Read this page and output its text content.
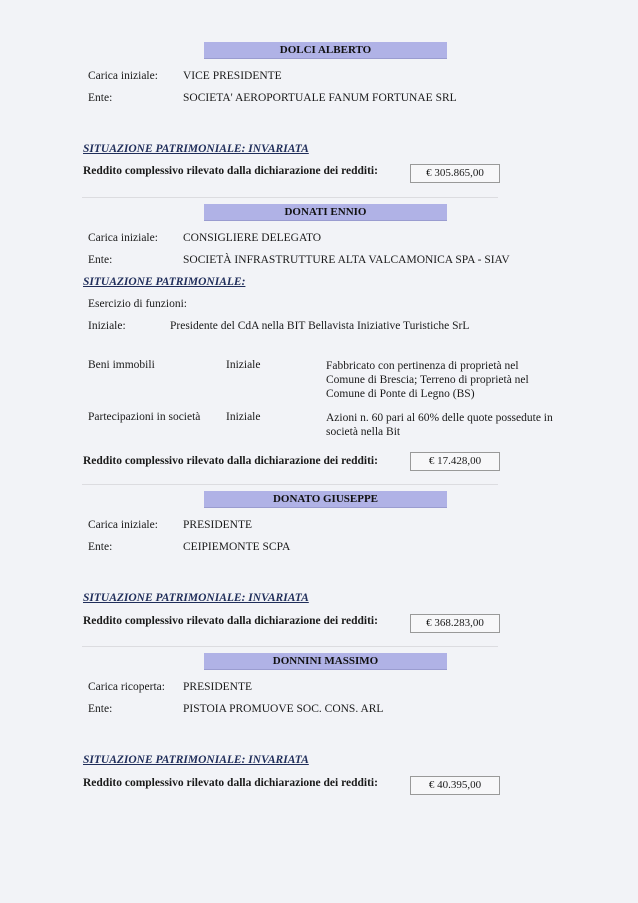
DOLCI ALBERTO
Carica iniziale: VICE PRESIDENTE
Ente:	SOCIETA' AEROPORTUALE FANUM FORTUNAE SRL
SITUAZIONE PATRIMONIALE: INVARIATA
Reddito complessivo rilevato dalla dichiarazione dei redditi:	€ 305.865,00
DONATI ENNIO
Carica iniziale: CONSIGLIERE DELEGATO
Ente:	SOCIETÀ INFRASTRUTTURE ALTA VALCAMONICA SPA - SIAV
SITUAZIONE PATRIMONIALE:
Esercizio di funzioni:
Iniziale:	Presidente del CdA nella BIT Bellavista Iniziative Turistiche SrL
Beni immobili	Iniziale	Fabbricato con pertinenza di proprietà nel Comune di Brescia; Terreno di proprietà nel Comune di Ponte di Legno (BS)
Partecipazioni in società Iniziale	Azioni n. 60 pari al 60% delle quote possedute in società nella Bit
Reddito complessivo rilevato dalla dichiarazione dei redditi:	€ 17.428,00
DONATO GIUSEPPE
Carica iniziale: PRESIDENTE
Ente:	CEIPIEMONTE SCPA
SITUAZIONE PATRIMONIALE: INVARIATA
Reddito complessivo rilevato dalla dichiarazione dei redditi:	€ 368.283,00
DONNINI MASSIMO
Carica ricoperta: PRESIDENTE
Ente:	PISTOIA PROMUOVE SOC. CONS. ARL
SITUAZIONE PATRIMONIALE: INVARIATA
Reddito complessivo rilevato dalla dichiarazione dei redditi:	€ 40.395,00
